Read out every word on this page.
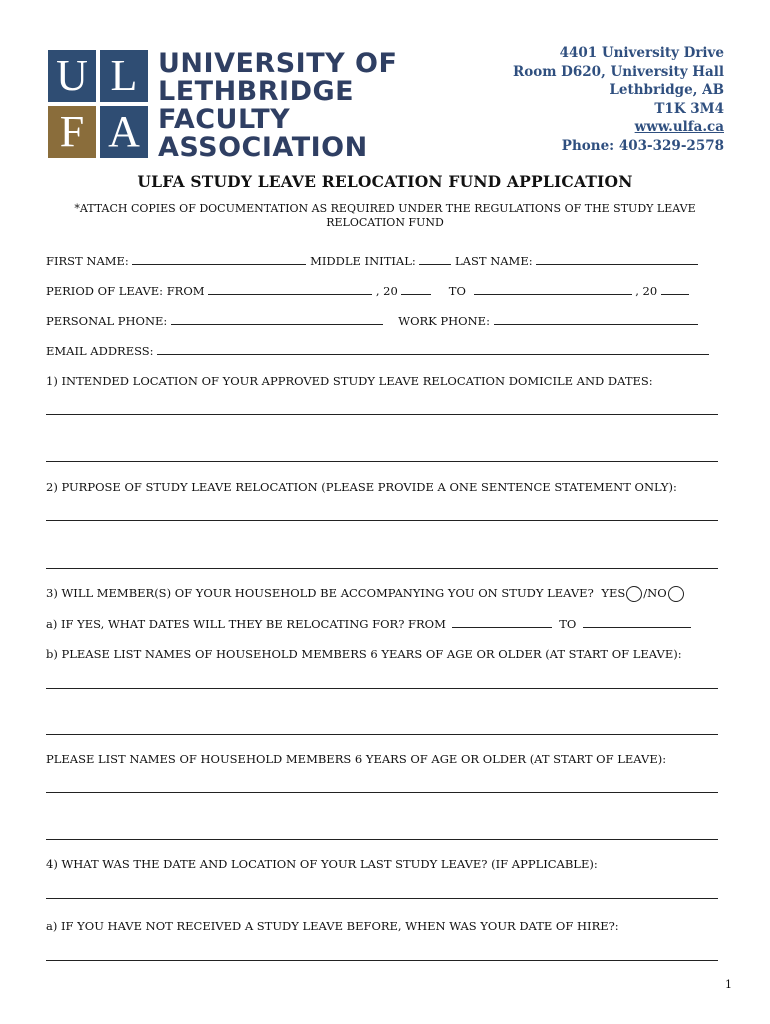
U L
F A
UNIVERSITY OF
LETHBRIDGE
FACULTY
ASSOCIATION
4401 University Drive
Room D620, University Hall
Lethbridge, AB
T1K 3M4
www.ulfa.ca
Phone: 403-329-2578
ULFA STUDY LEAVE RELOCATION FUND APPLICATION
*ATTACH COPIES OF DOCUMENTATION AS REQUIRED UNDER THE REGULATIONS OF THE STUDY LEAVE RELOCATION FUND
FIRST NAME:	MIDDLE INITIAL:	LAST NAME:
PERIOD OF LEAVE: FROM	, 20	TO	, 20
PERSONAL PHONE:	WORK PHONE:
EMAIL ADDRESS:
1) INTENDED LOCATION OF YOUR APPROVED STUDY LEAVE RELOCATION DOMICILE AND DATES:
2) PURPOSE OF STUDY LEAVE RELOCATION (PLEASE PROVIDE A ONE SENTENCE STATEMENT ONLY):
3) WILL MEMBER(S) OF YOUR HOUSEHOLD BE ACCOMPANYING YOU ON STUDY LEAVE? YES /NO
a) IF YES, WHAT DATES WILL THEY BE RELOCATING FOR? FROM	TO
b) PLEASE LIST NAMES OF HOUSEHOLD MEMBERS 6 YEARS OF AGE OR OLDER (AT START OF LEAVE):
PLEASE LIST NAMES OF HOUSEHOLD MEMBERS 6 YEARS OF AGE OR OLDER (AT START OF LEAVE):
4) WHAT WAS THE DATE AND LOCATION OF YOUR LAST STUDY LEAVE? (IF APPLICABLE):
a) IF YOU HAVE NOT RECEIVED A STUDY LEAVE BEFORE, WHEN WAS YOUR DATE OF HIRE?:
1
